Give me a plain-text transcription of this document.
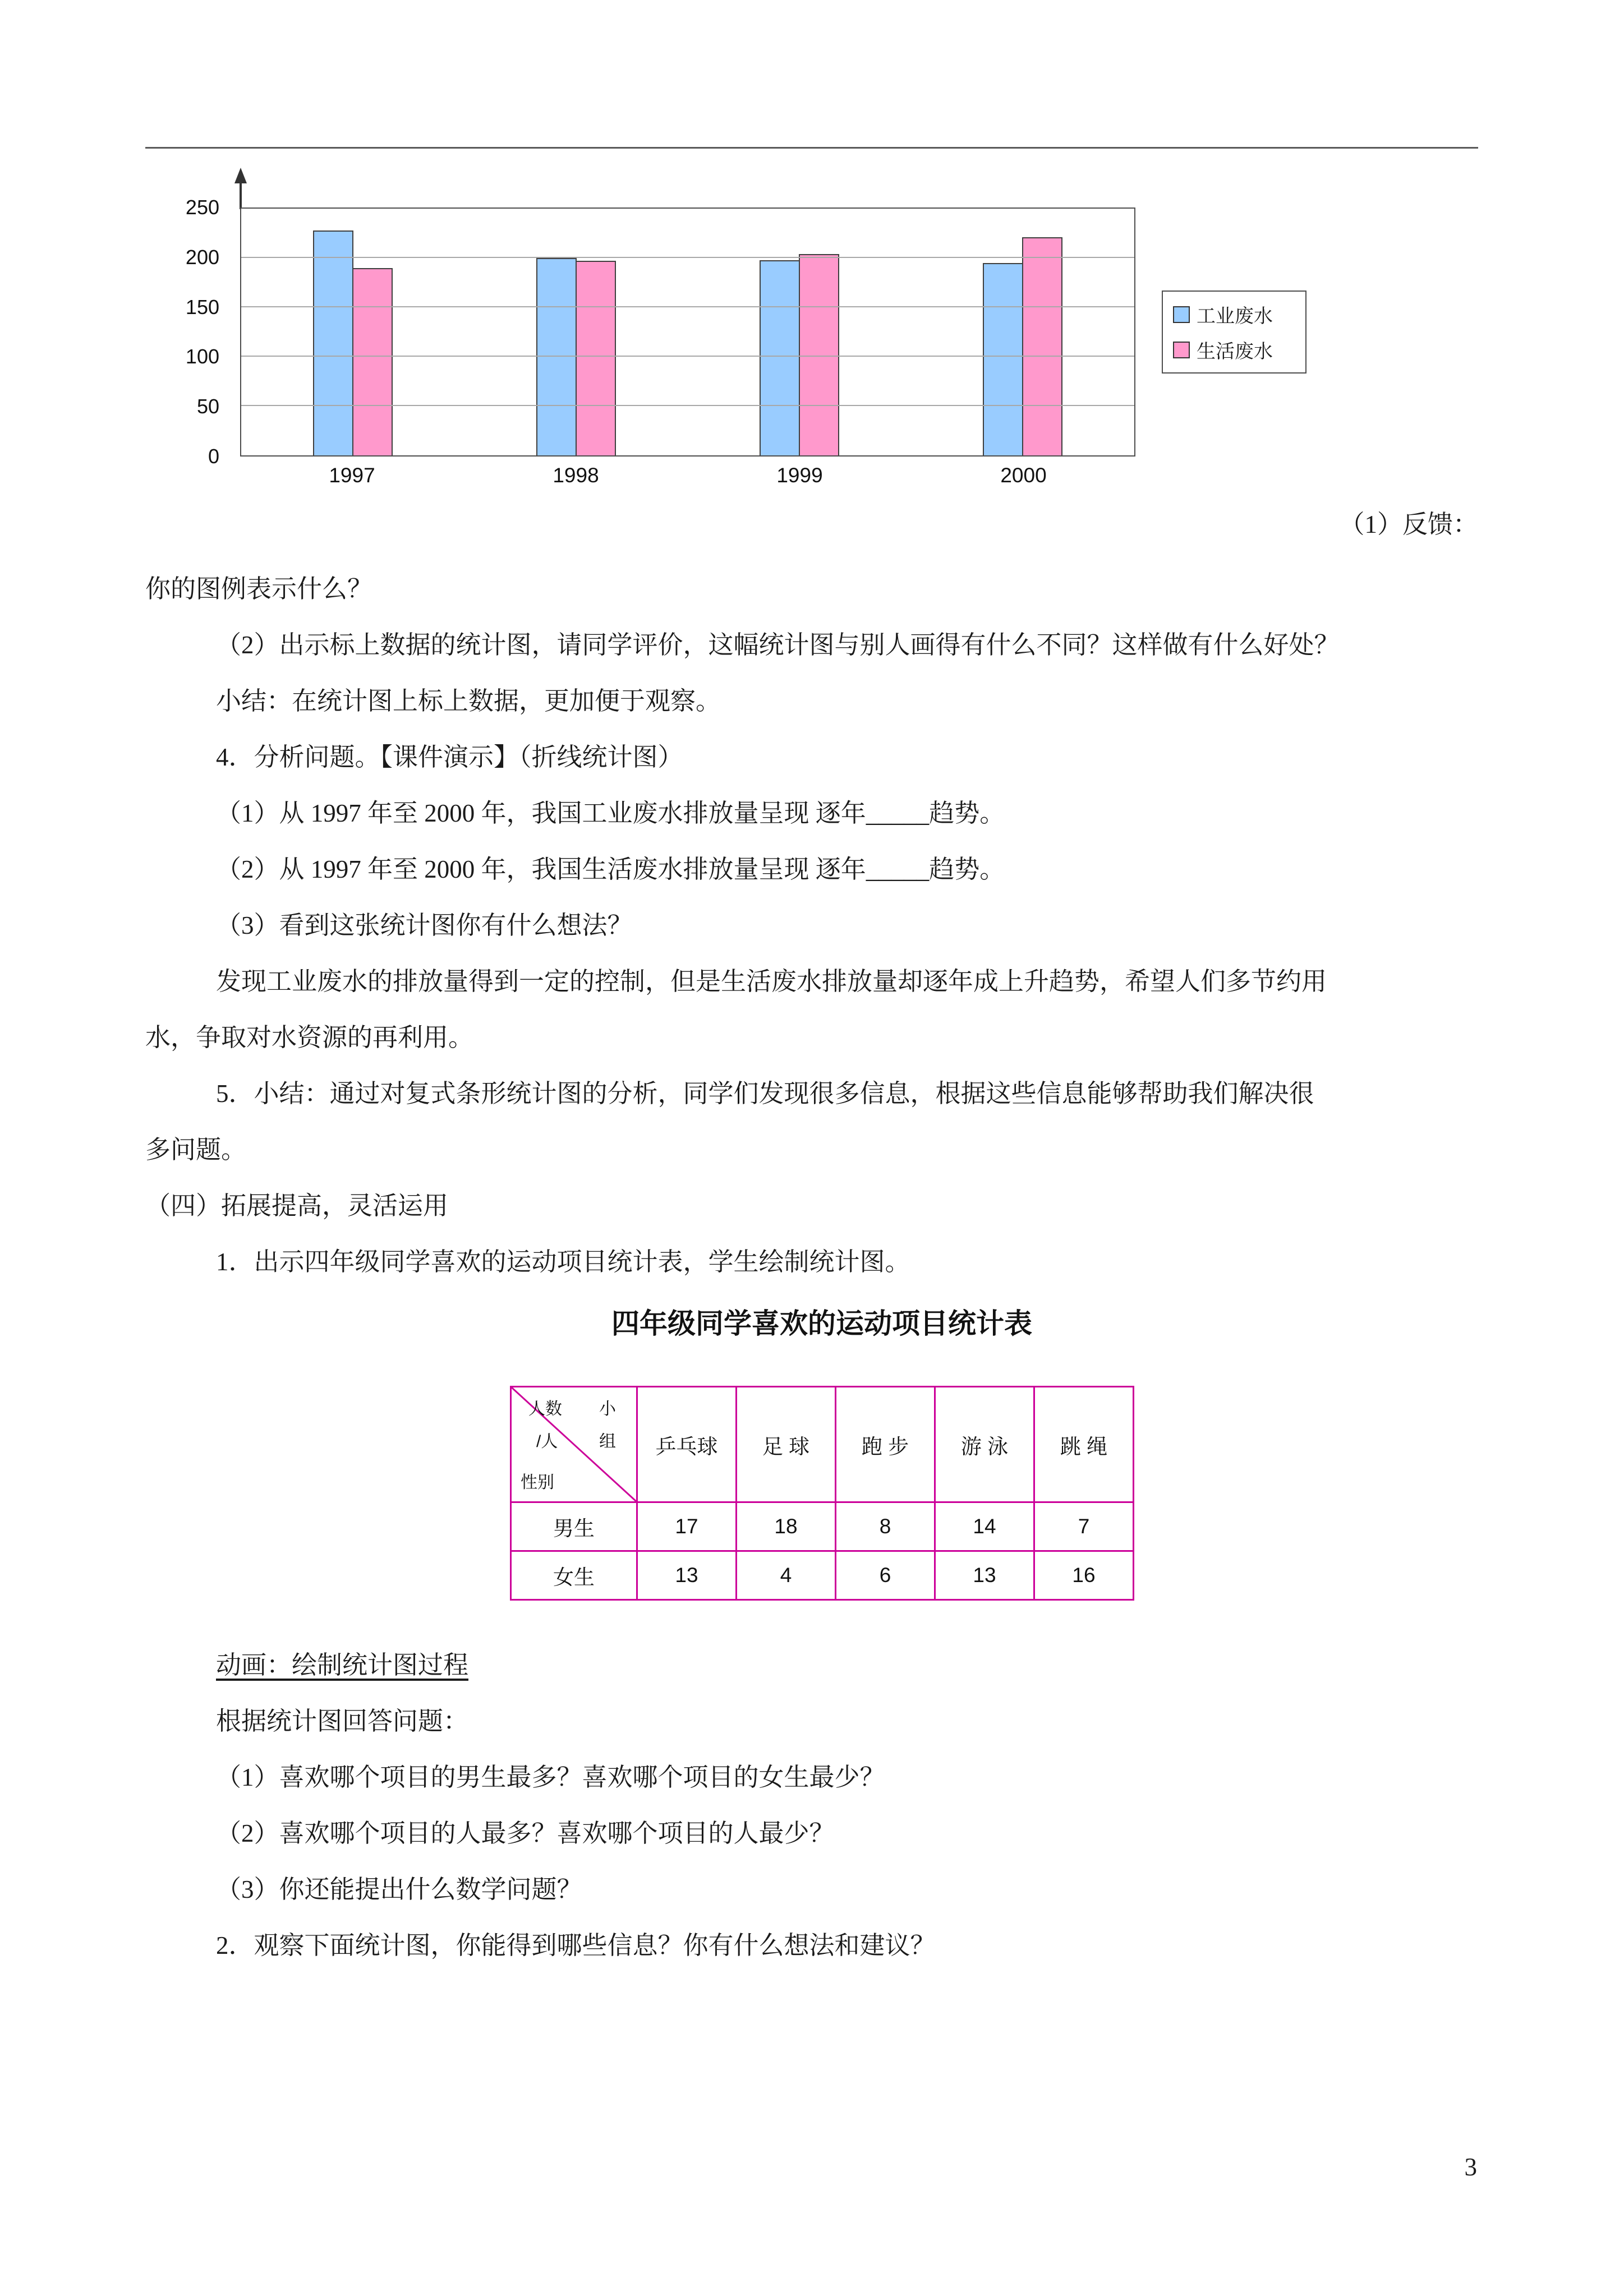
0
50
100
150
200
250
1997	1998	1999	2000
工业废水
生活废水
（1）反馈：
你的图例表示什么？
（2）出示标上数据的统计图，请同学评价，这幅统计图与别人画得有什么不同？这样做有什么好处？
小结：在统计图上标上数据，更加便于观察。
4．分析问题。【课件演示】（折线统计图）
（1）从 1997 年至 2000 年，我国工业废水排放量呈现 逐年_____趋势。
（2）从 1997 年至 2000 年，我国生活废水排放量呈现 逐年_____趋势。
（3）看到这张统计图你有什么想法？
发现工业废水的排放量得到一定的控制，但是生活废水排放量却逐年成上升趋势，希望人们多节约用
水，争取对水资源的再利用。
5．小结：通过对复式条形统计图的分析，同学们发现很多信息，根据这些信息能够帮助我们解决很
多问题。
（四）拓展提高，灵活运用
1．出示四年级同学喜欢的运动项目统计表，学生绘制统计图。
四年级同学喜欢的运动项目统计表
人数
/人
小
组
性别	乒乓球	足 球	跑 步	游 泳	跳 绳
男生	17	18	8	14	7
女生	13	4	6	13	16
动画：绘制统计图过程
根据统计图回答问题：
（1）喜欢哪个项目的男生最多？喜欢哪个项目的女生最少？
（2）喜欢哪个项目的人最多？喜欢哪个项目的人最少？
（3）你还能提出什么数学问题？
2．观察下面统计图，你能得到哪些信息？你有什么想法和建议？
3
